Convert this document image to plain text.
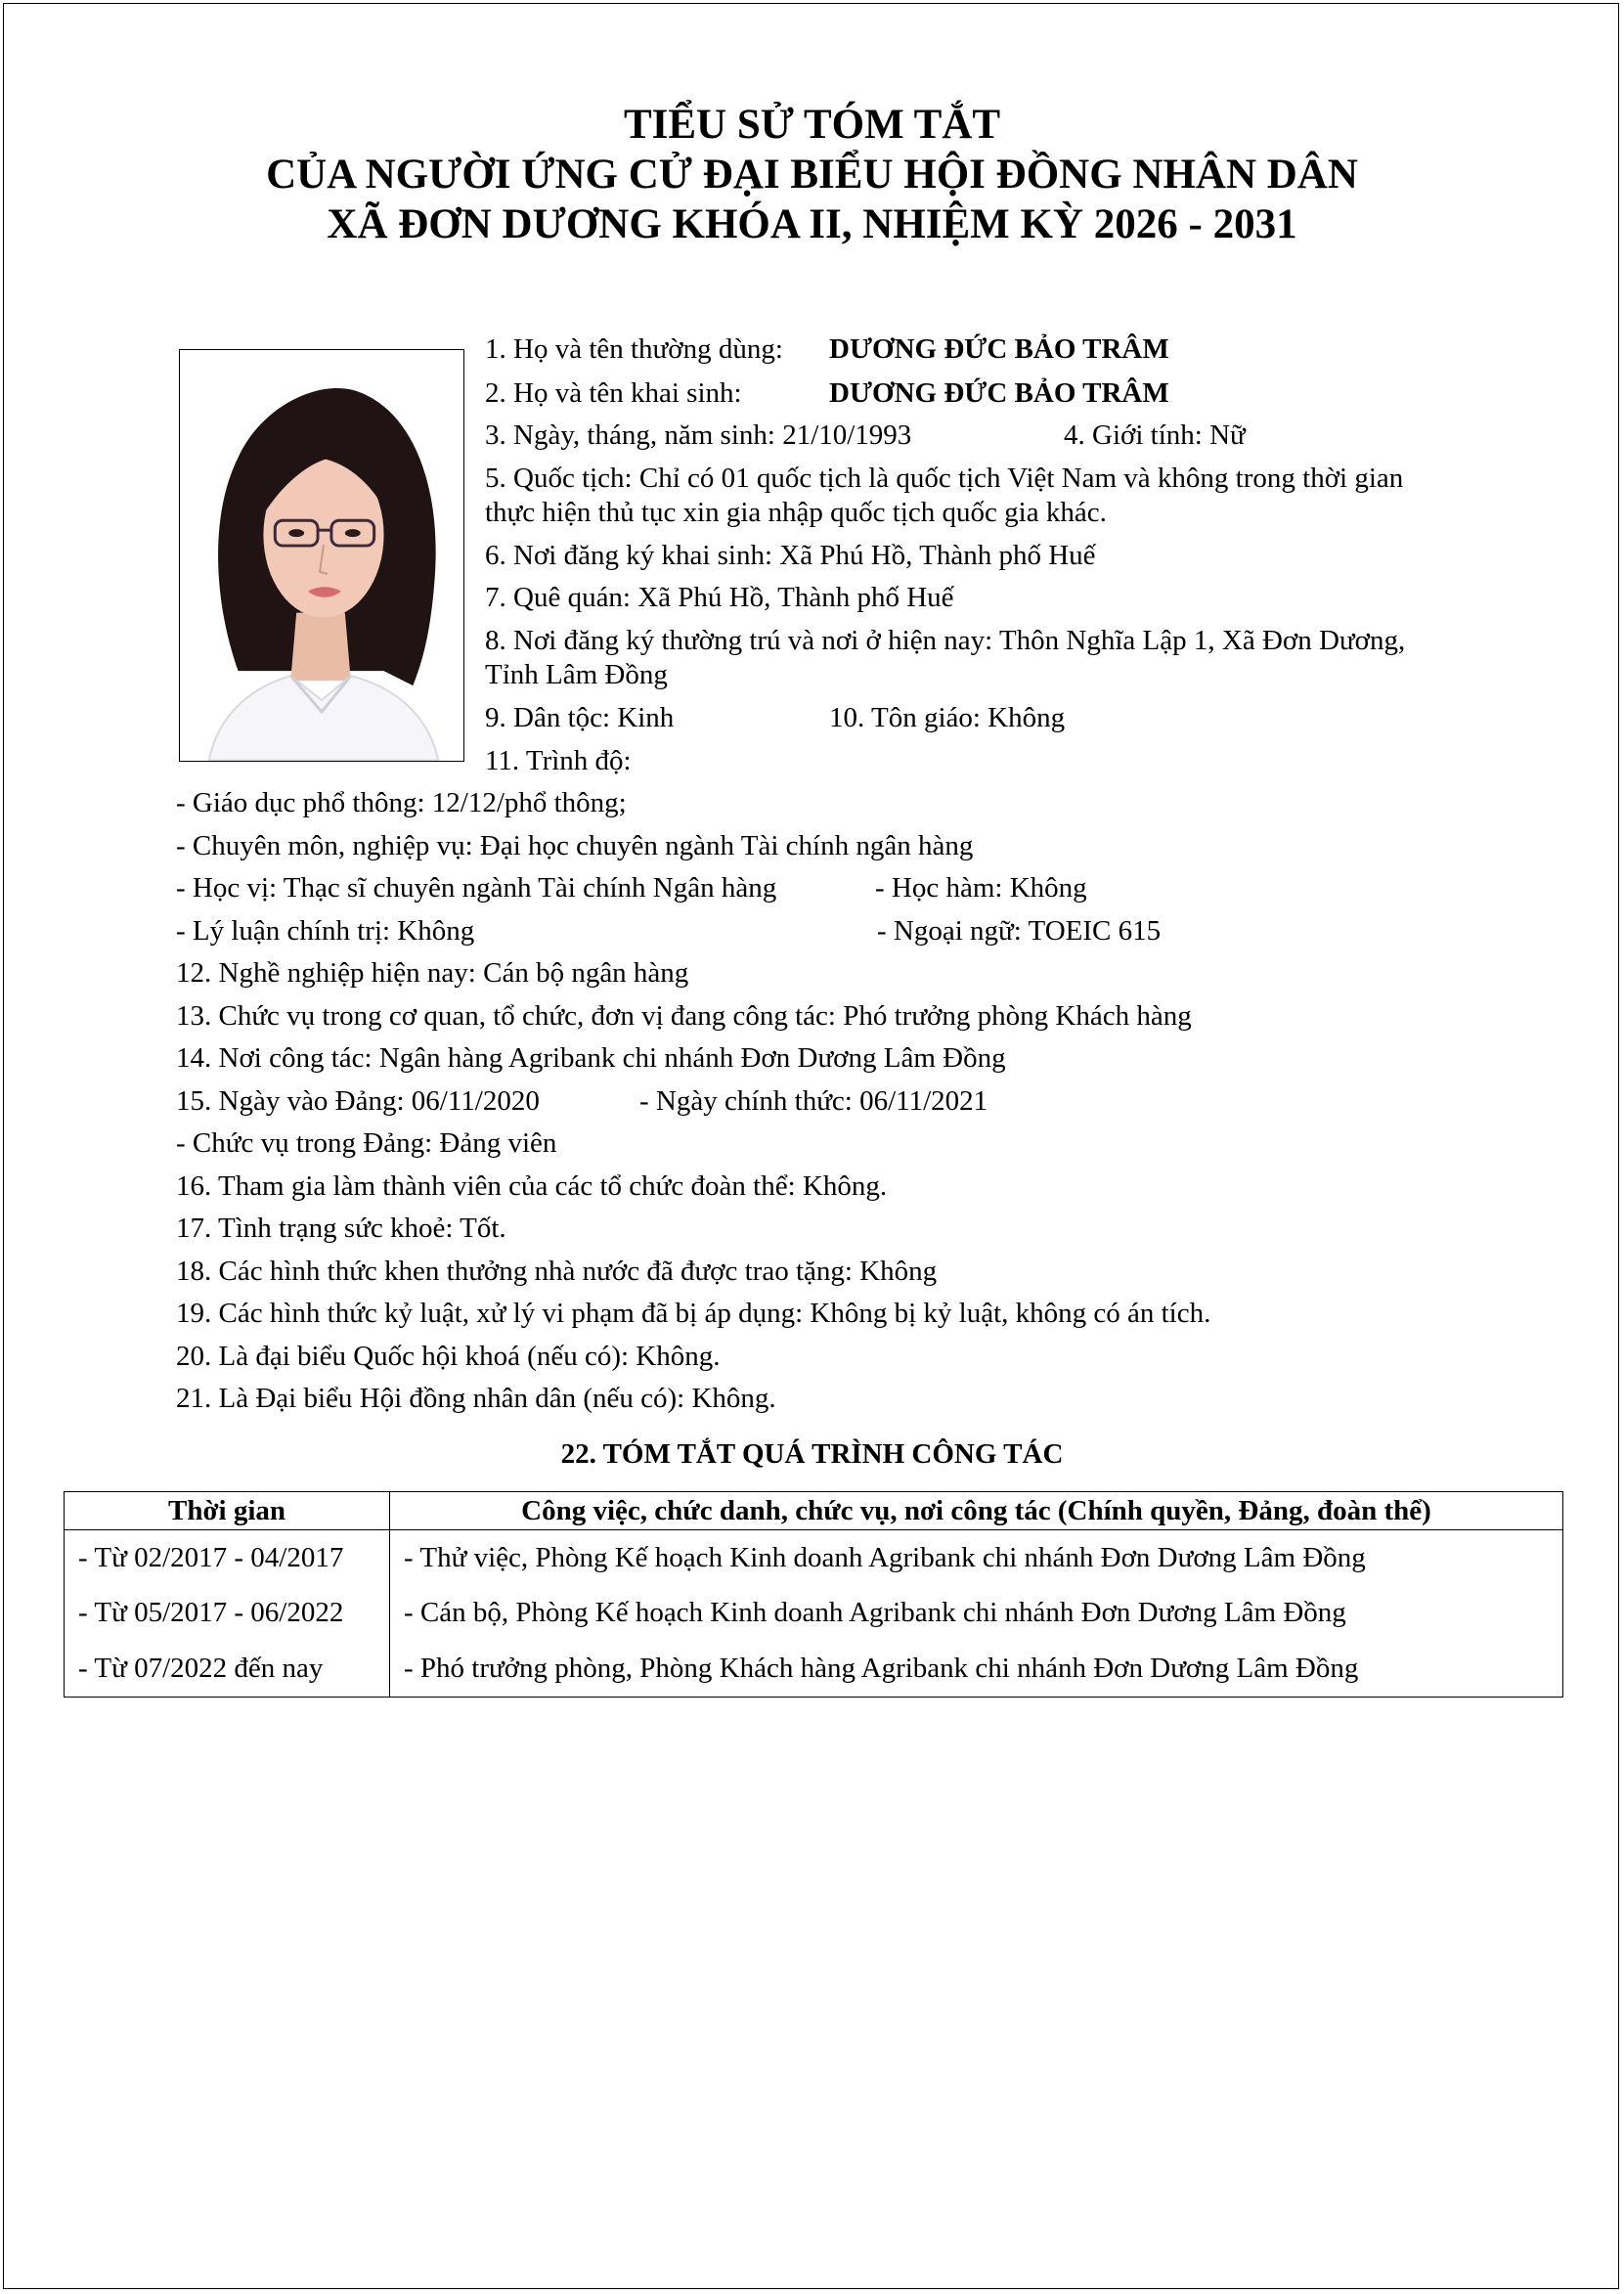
TIỂU SỬ TÓM TẮT
CỦA NGƯỜI ỨNG CỬ ĐẠI BIỂU HỘI ĐỒNG NHÂN DÂN
XÃ ĐƠN DƯƠNG KHÓA II, NHIỆM KỲ 2026 - 2031
1. Họ và tên thường dùng: DƯƠNG ĐỨC BẢO TRÂM
2. Họ và tên khai sinh:	DƯƠNG ĐỨC BẢO TRÂM
3. Ngày, tháng, năm sinh: 21/10/1993	4. Giới tính: Nữ
5. Quốc tịch: Chỉ có 01 quốc tịch là quốc tịch Việt Nam và không trong thời gian
thực hiện thủ tục xin gia nhập quốc tịch quốc gia khác.
6. Nơi đăng ký khai sinh: Xã Phú Hồ, Thành phố Huế
7. Quê quán: Xã Phú Hồ, Thành phố Huế
8. Nơi đăng ký thường trú và nơi ở hiện nay: Thôn Nghĩa Lập 1, Xã Đơn Dương,
Tỉnh Lâm Đồng
9. Dân tộc: Kinh	10. Tôn giáo: Không
11. Trình độ:
- Giáo dục phổ thông: 12/12/phổ thông;
- Chuyên môn, nghiệp vụ: Đại học chuyên ngành Tài chính ngân hàng
- Học vị: Thạc sĩ chuyên ngành Tài chính Ngân hàng	- Học hàm: Không
- Lý luận chính trị: Không	- Ngoại ngữ: TOEIC 615
12. Nghề nghiệp hiện nay: Cán bộ ngân hàng
13. Chức vụ trong cơ quan, tổ chức, đơn vị đang công tác: Phó trưởng phòng Khách hàng
14. Nơi công tác: Ngân hàng Agribank chi nhánh Đơn Dương Lâm Đồng
15. Ngày vào Đảng: 06/11/2020	- Ngày chính thức: 06/11/2021
- Chức vụ trong Đảng: Đảng viên
16. Tham gia làm thành viên của các tổ chức đoàn thể: Không.
17. Tình trạng sức khoẻ: Tốt.
18. Các hình thức khen thưởng nhà nước đã được trao tặng: Không
19. Các hình thức kỷ luật, xử lý vi phạm đã bị áp dụng: Không bị kỷ luật, không có án tích.
20. Là đại biểu Quốc hội khoá (nếu có): Không.
21. Là Đại biểu Hội đồng nhân dân (nếu có): Không.
22. TÓM TẮT QUÁ TRÌNH CÔNG TÁC
Thời gian	Công việc, chức danh, chức vụ, nơi công tác (Chính quyền, Đảng, đoàn thể)
- Từ 02/2017 - 04/2017	- Thử việc, Phòng Kế hoạch Kinh doanh Agribank chi nhánh Đơn Dương Lâm Đồng
- Từ 05/2017 - 06/2022	- Cán bộ, Phòng Kế hoạch Kinh doanh Agribank chi nhánh Đơn Dương Lâm Đồng
- Từ 07/2022 đến nay	- Phó trưởng phòng, Phòng Khách hàng Agribank chi nhánh Đơn Dương Lâm Đồng
